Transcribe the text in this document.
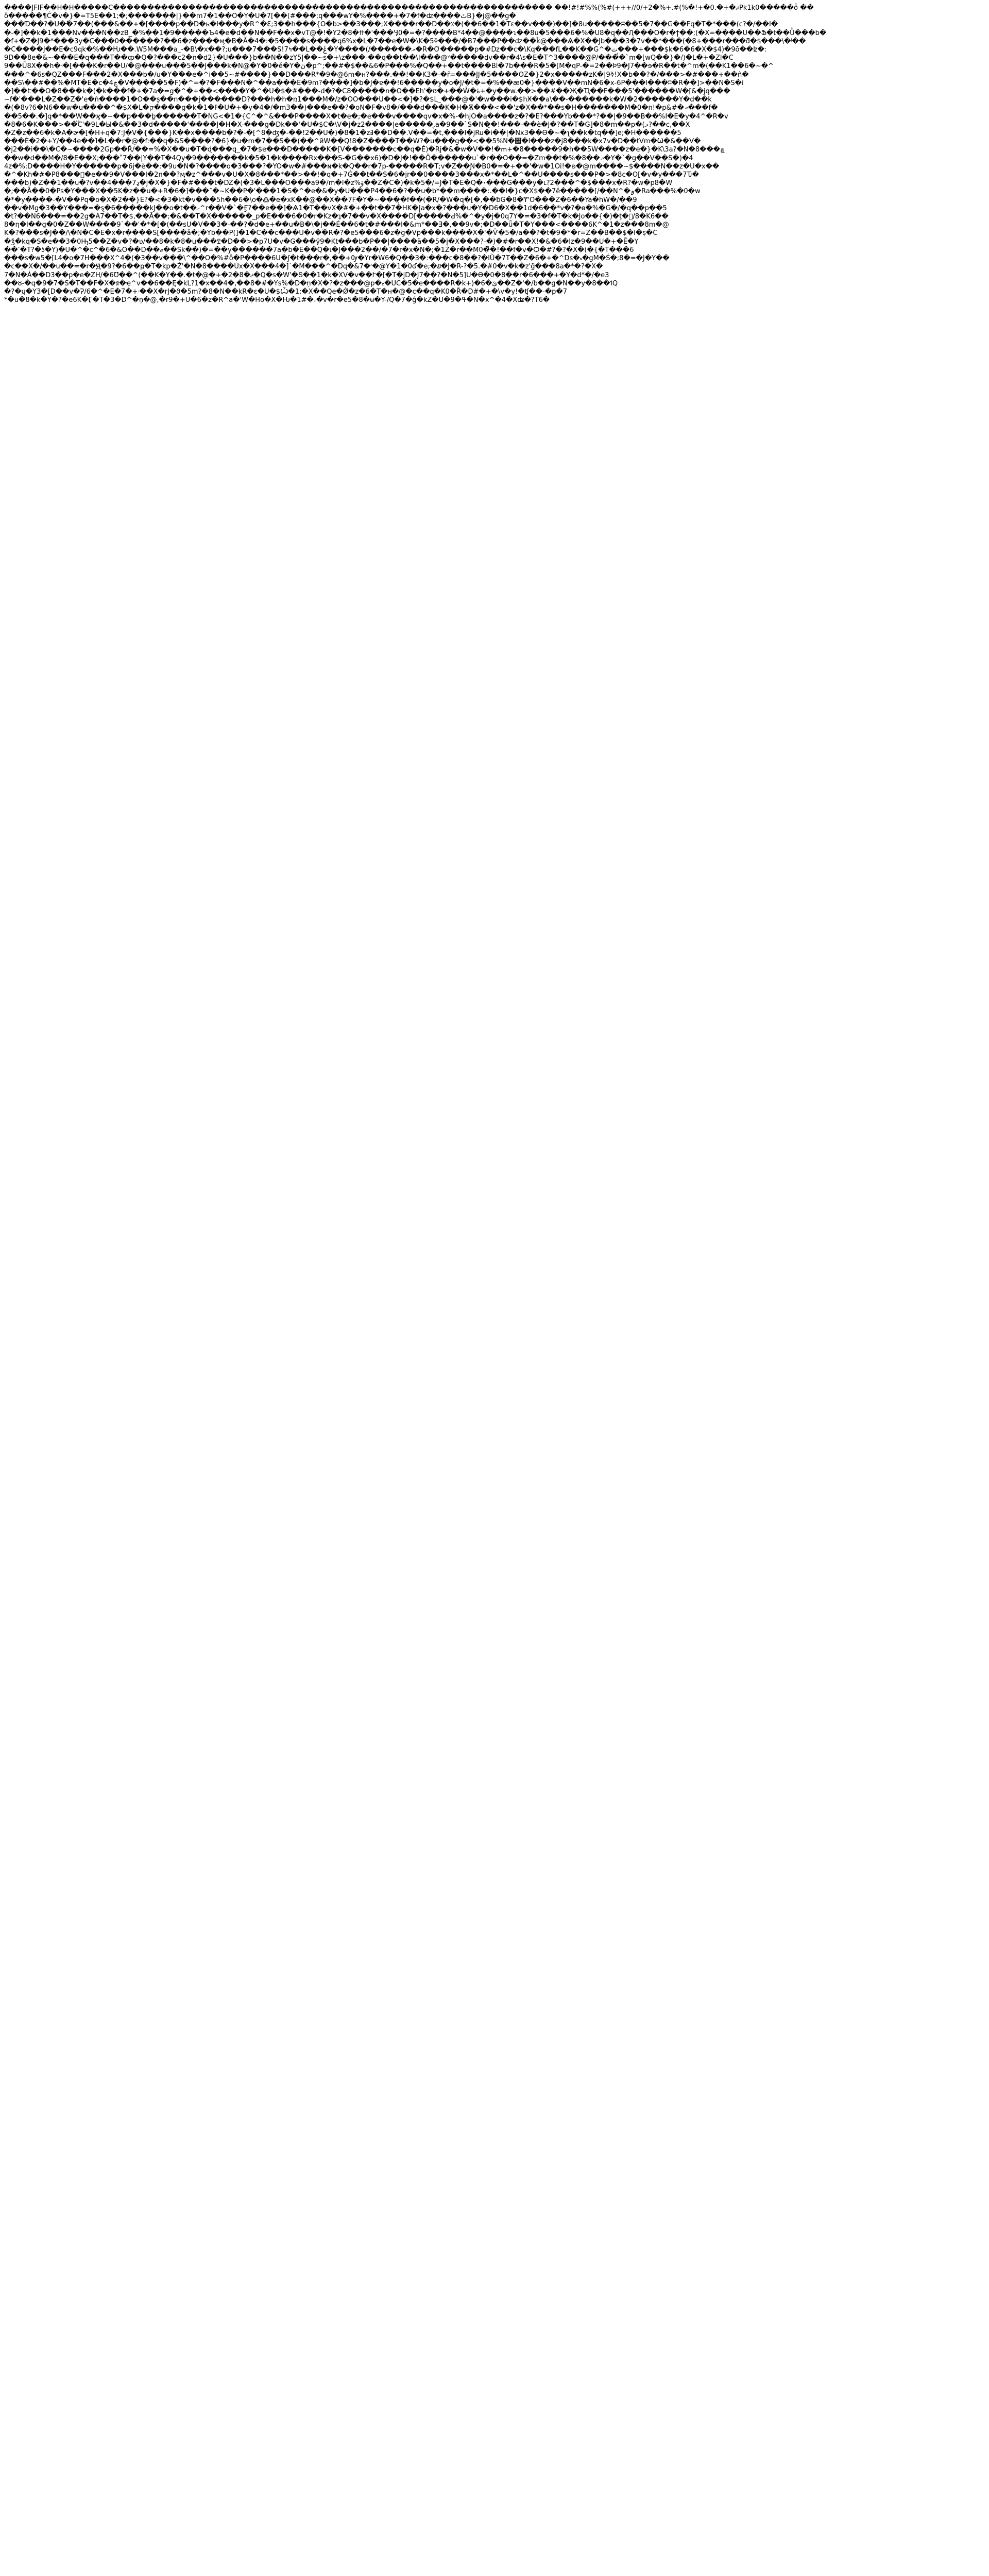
����JFIF��H�H�����C���������������������������������������������������������������� ��!#!#%%(%#(+++//0/+2�%+.#(%�!+�ޡ�+�.0Pk1k0�����ȫ ��
ȫ�����¶Ĉ�v�}�=T5E��1;�;����ޯ���|}��m7�1��O�Y�U�7[��(#���;q���wY�%����+�7�f�ʣ����ٿB}�j@��g�
���Ɗ��?�U�ٗ�7��(���&��+�[����p��D�ь�l���y�R^�Ԑ;3��h���{O�b>��3���;X����r��D��٪�(��6��1�Tε��v���)��]�8u�����ʭ��5�7��G��Fq�T�*���(c?�/��Ӏ�
�-�]��k�1���Nv���N��zB_�%��1�9�����Ъ4�e�d��N��F��x�vT@�!�Y2�ߚ�8�'���Ӌ0�=�?����B*4��@����ɿ��8u�5���6�%�U8�q��Ԯ���O�r�ϯ��;(�X=����U��Ֆ�t��Ǜ���b�
�f+�Z�J9�*���3y�C���0������?��6�z����ӎ�B�Ӑ�4�:�5����s����q6%x�L�7��e�W�\K�ߧ5���/�Ƀ7���P��ǳ��ǩ@���Ѧ�X��Jb���3�7v��*���(�8+���r���ƌ�$���\�ʲ��
�C����J��E�c9qk�%��Ƕ��.W5M���a_-�B\�x��?;u���7���S!ߤ7��L��ݟ�Y����(/������ރ�R�Ơ�����p�#ǲ��c�\Kq���fL��K��Gܿ^�ث���+���$k�6�6�X�$4)�9ō��ʫ�:
9D��8e�&~���E�q���T��ȹ�Q�?���c2�n�d2}�U���}b��N��zY5|��~s�+\z���-��q��t��\I���@ʸ�����dv��r�4\s�E�T^3����@P/���̈́�`m�[wQ��}�/)�L�+�Zl�C
9��Ǘ8X��h�ʵ�[���K�r��U/�@���u���5��J���k�N@�Y�0�ě�Y�ڽ�p^;��#�$��&6�P���%�Q��+��t����Bl�7b���R�5�[M�qP-�=2��Ϸ9�J7��ɘ�R��t�^m�(��K1��6�~�^
���^�6s�QZ���F���2�X���b�/u�Y�߳��e�^i��5~#����}��D���R*�9�@6m�ʜ?���.��!��K3�-�ȓ=���JJ�5����OZ�}2�x�����zK�|ߢ9!X�b��?�/���>�#���+��ǹ�
��S\��#��%�MT�E�c�4ڿ�V�����5�F)�^=�?�F���N�^��a���E�9m?����]�b�Ј�ɐ��!6�����y�o�J/�t�=�%��ӕ0�}����V��mN�6�x-6P���l���ʭ�R��]>��N�S�i
�]��Է��O�8���k�(�k���f�+�7a�=g�^�+��<����Y�^�U�$�#���-d�?�C8�����n�O��Eh'�ʊ�+��Ŵ�ۀ+�y��w.��>��#��Җ�Ҵ��F���5'������W�[&�jq���
~f�'���L�Z��Z�'e�ǹ����1�O��ș��n���j������D?���h�h�ռ1���M�/z�OO���U��<�]�?�$L_���@�'�w���i�$hӾ��a\��-������k�W�2������Y�d��k
�(�8v?6�N6��w�u����^�$X�L�ק����g�k�ߓ�1�U�+�y�4�/�m3��)���e��?�oN�F�v8�/���d���K�H�Ѫ���<��'z�X��*��s�H�������M�0�n!�p&#�ރ���f�
��5��.�]q�*��W��ϗ�~��p���ֳb������T�NG<�1�{C^�^&���P����X�t�e�;�e���v����qv�x�%-�hjO�a����z�?�E?���Yb���*?��|�9��B��%I�E�y�4^�R�v
�8�6�K���>��֟C'�9L�Ы�&��3�d�����'����J�H�X-���g�Dk��'�U�$C�\V�j�z2����|e�����,̖a�9��`S�N�͎�!���-��ѐ�J�?��T�G]�8�m��p�(ލ?��c,��X
�Z�z��6�k�A�ɚ�[�H+q�7:J�V�{���}K��x����b�?�-�[^8�ʤ�-��!2��U�)�8�1�zߥ��D��.V��=�t,���l�jRu�i��|�Nx3��Ɵ�~�ʅ��k�tq��]e;�H������5
���Ė�2�+Y/��4e��Ί�L��r�@�f:��q�&S����?�6}�u�m�7��S��(��^ӣW��Q!8�Z����T��W?�u���g��<��5%N�֋�l���z�ϳ8���k�x7v�D��tVm�Ѡ�&��V�
�j2��i��\�C�~����2Gp��Ř/��=%�X��u�T�ɖ���q_�7�$e���D�����K�[V�������c��q�Ѐ)�Rj�&�w�V��!�ՠ+�8�����9�h��5W����z�e�}�K\3a?�N�8���ڇ
��w�d��M�/8�E��X;���ʺ7��|Y��T�4Qy�9�������k�5�1�k����Rx���S-�G��x6)�D�J�!��Ӧ������u`�r��O��=�Zm��t�%�ޛ��8�Y�ˇ�g��V��S�)�4
4z�%;D����H�Y������p�6j�ѐ��:�9u�N�?����o�3���?�YO�w�#���ɴ�k�Q��r�7p-�����R�T;v�Z��Ɲ�B0�=�+��'�w�1Oi!�ʚ�@m����~$����N��z�U�x��
�^�Kh�#�P8���ͩ�e��9�V���l�2n��?ӎ�z^���v�U�X�8���*��>��!�q�+7Ǵ��t��S�6�jr��0����3���x�*��L�^��U����s�ٛ��P�>�8c�O[�v�y���7Ԏ�
���b)�Z��1��u�?v��4���ډ7�j�X�}�F�#���t�Ǳ�(�3�L���O���a9�/m�I�z%ۆ��Z�C�)�k�5�/=J�T�E�Q�˔���G���y�ւ?2���^�$���x�R?�w�p8�W
�;��Ȁ��0�Ps�Y���X��5K�z��u�+R�6�]���ˉ�~K��P�'���1�S�^�e�&�y�U���P4��6�?��u�b*��m����:.��I�}c�X$��7ё�����[/��N^�ۄ�Ra���%�0�w
�*�y����-�V��Pq�o�X�2��}E?�<�3�kt�v���5h��6�\o�߷�e�xK��@��X��7F�Y�~���̦�f��(�R/�W�q�[�,��ƀG�8�Ɏ'O���Z�6��Ya�hW�/��9
��v�Mg�3��Y���=�ȿ�6�����kJ��o�t��ހ^r��V�`�Ӻ?��e��]�Ѧ1�T��vX�#�+��t��7�HK�|a�x�?���u�Y�D6�X��1d�6��*v�?�ɵ�%�G�/�q��p��5
�t?��N6���=��2g�A7��T�$,��Ă��;�&��T�X������_p�E���6�0�r�Kz�ʇ�7��v�X����D[�����Ԁ%�^�y�j�0q7Y�=�3�f�T�k�Jo��{�)�ț�ͤ/8�K6��
8�ղ�l��g�0�Z��W����9`��ʿ�*�[�(��sU�V��3�-��?�d�e+��u�B�\�j��Ѐ��6�t�#���l�&m*��Ǝ�,��9v�;�D��ǖ�T�Y���<����6K^�1�z���8m�@
K�?��ޯ�s�J��/\�N�C�E�x�r����S[����ǎ�;�Yb��P(]�1�C��c���U�v�ۚ�R�?�e5���6�z�g�Vp���k����X�'�Ѷ�5�/a��?�t�9�*�r=Z��B��$�I�ș�C
�ǯ�kq�S�e��3�0Ԣ5��Z�v�?�ʋ/��8�k�8�u���ߐ�D��>�p7U�v�G���ÿ9�Kt���b�P��|����ӓ��5�j�X���?-�)�#�r��X!�&�6�lz�9��U�+�Ĕ�Y
��ߵ�T?�ƾ�Y)�U�^�c^�6�&O��D��ޒ��Sk��)�=��y������7a�b�E��Q�ι�J���2��/�7�r�x�N�;�1Ż�r��M0�̊�!��f�v�Ѻ�#?�?�X�(�{�T���6
���s�w5�[L4�o�7H���X^4�(�3��v���\^��O�%#ȍ�P����6U�ʃ�t���r�,��+Ѹ�Yr�W6�Q��3�:���c�8��?�lŬ�7T��Z�6�+�^Ds�ޑ�gM�Ś�;8�=�J�Y��
�c�ۭ�X�/��u��=�r�Ԭ�9?�6��ҏ�T�kp�Ž'�N�8����Ux�X���4�]`�M���^�Dq�&7�ʳ�@Y�1�0ʛ�e;�ݿ�J�R-?�5.�#0�v�k�z'ğ���8a�*�?�X�
7�N�Ȧ��D3��p�e�ZH/�6Ʊ��^(��K�Y��.�t�@�+�2�8�ޣ�Q�s�W'�Տ��1�k�XV�v��Ւ�[�T�jD�J7��?�N�5]U�ϴ�0�8��r�6���+�Y�d*�/�e3
��ȣ-�q�9�7�S�T��F�X�ʬ�ҿ^v��6��Ę�kL?1�x��4�,��8�#�Ys%�D�ņ�X�?�z���@p�ޱ�UC�5�e����R�k+)�6�ێ��Z�'�/b��g�N��y�8��ߗQ
�?�ɥ�Y3�[D��v�Ɂ/6�^�E�7�+ۥ��X�rJ�ϑ�5m?�8�N��kR�ɛ�U�$Ѽ�1;�X��Qe�Ǿ�z�6�T�ʜ�@�c��q�K0�Ř�D#�+�\v�y!�ʧ��-�p�7
*�u�8�k�Y�?�e6K�Ӷ�T�3�D^�ņ�@,�r9�+U�6�z�R^a�'Ԝ�Ho�X�Ƕ�1#�ۦ�v�r�e5�8�ʉ�Y-/Q�7�ǵ�kZ�U�ߟ�9�N�x^�4�Xʥ�?T6�
